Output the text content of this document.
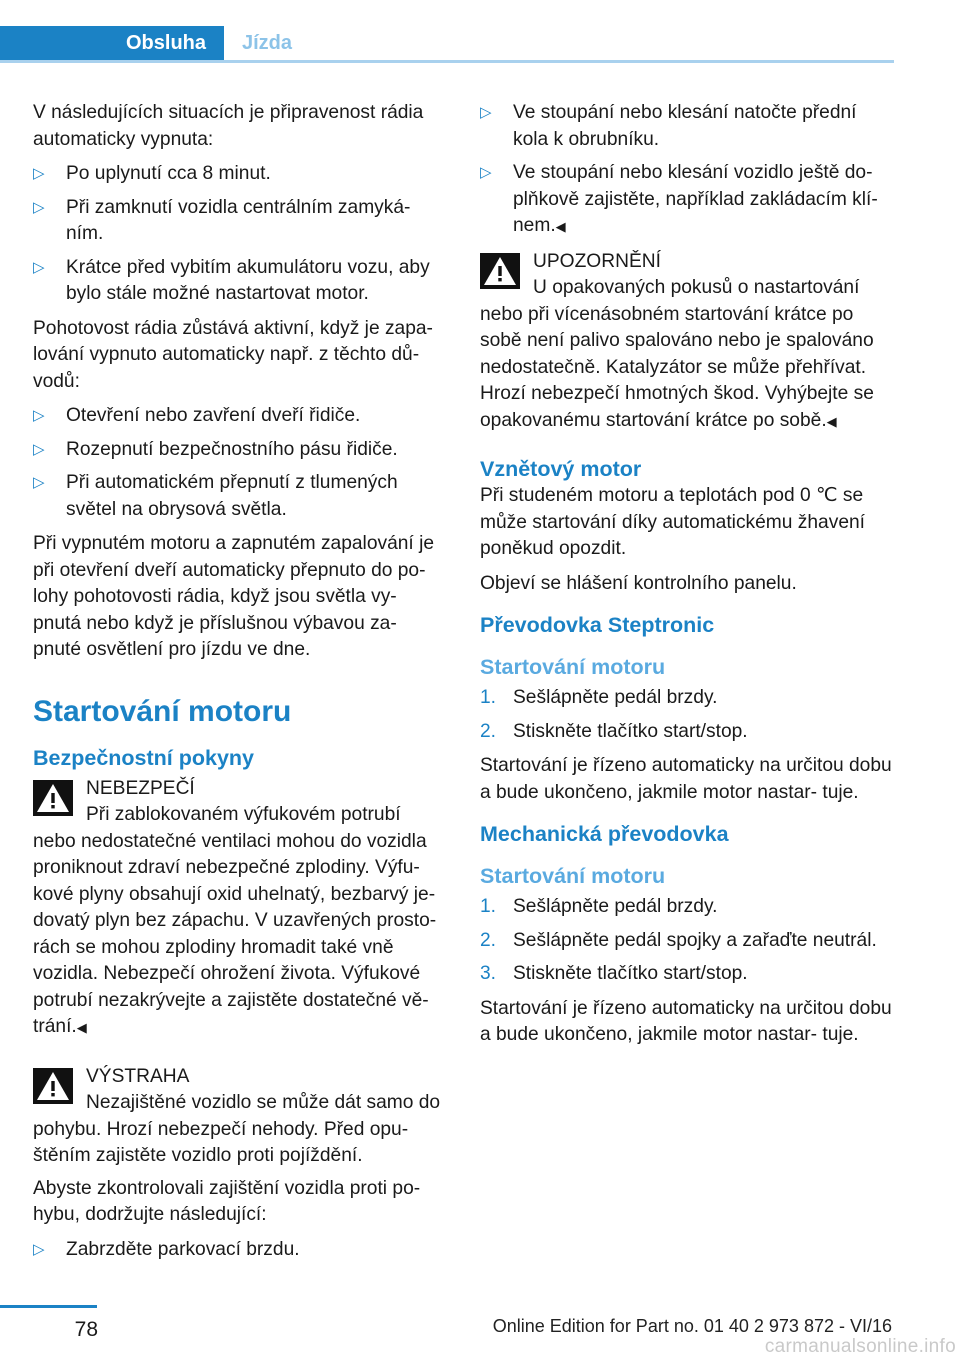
Obsluha	Jízda

V následujících situacích je připravenost rádia automaticky vypnuta:

▷ Po uplynutí cca 8 minut.
▷ Při zamknutí vozidla centrálním zamyká‐ ním.
▷ Krátce před vybitím akumulátoru vozu, aby bylo stále možné nastartovat motor.

Pohotovost rádia zůstává aktivní, když je zapa‐ lování vypnuto automaticky např. z těchto dů‐ vodů:

▷ Otevření nebo zavření dveří řidiče.
▷ Rozepnutí bezpečnostního pásu řidiče.
▷ Při automatickém přepnutí z tlumených světel na obrysová světla.

Při vypnutém motoru a zapnutém zapalování je při otevření dveří automaticky přepnuto do po‐ lohy pohotovosti rádia, když jsou světla vy‐ pnutá nebo když je příslušnou výbavou za‐ pnuté osvětlení pro jízdu ve dne.

Startování motoru
Bezpečnostní pokyny
NEBEZPEČÍ
Při zablokovaném výfukovém potrubí nebo nedostatečné ventilaci mohou do vozidla proniknout zdraví nebezpečné zplodiny. Výfu‐ kové plyny obsahují oxid uhelnatý, bezbarvý je‐ dovatý plyn bez zápachu. V uzavřených prosto‐ rách se mohou zplodiny hromadit také vně vozidla. Nebezpečí ohrožení života. Výfukové potrubí nezakrývejte a zajistěte dostatečné vě‐ trání.◀
VÝSTRAHA
Nezajištěné vozidlo se může dát samo do pohybu. Hrozí nebezpečí nehody. Před opu‐ štěním zajistěte vozidlo proti pojíždění.

Abyste zkontrolovali zajištění vozidla proti po‐ hybu, dodržujte následující:

▷ Zabrzděte parkovací brzdu.
▷ Ve stoupání nebo klesání natočte přední kola k obrubníku.
▷ Ve stoupání nebo klesání vozidlo ještě do‐ plňkově zajistěte, například zakládacím klí‐ nem.◀
UPOZORNĚNÍ
U opakovaných pokusů o nastartování nebo při vícenásobném startování krátce po sobě není palivo spalováno nebo je spalováno nedostatečně. Katalyzátor se může přehřívat. Hrozí nebezpečí hmotných škod. Vyhýbejte se opakovanému startování krátce po sobě.◀
Vznětový motor

Při studeném motoru a teplotách pod 0 ℃ se může startování díky automatickému žhavení poněkud opozdit.

Objeví se hlášení kontrolního panelu.

Převodovka Steptronic
Startování motoru
1. Sešlápněte pedál brzdy.
2. Stiskněte tlačítko start/stop.

Startování je řízeno automaticky na určitou dobu a bude ukončeno, jakmile motor nastar‐ tuje.

Mechanická převodovka
Startování motoru
1. Sešlápněte pedál brzdy.
2. Sešlápněte pedál spojky a zařaďte neutrál.
3. Stiskněte tlačítko start/stop.

Startování je řízeno automaticky na určitou dobu a bude ukončeno, jakmile motor nastar‐ tuje.

78	Online Edition for Part no. 01 40 2 973 872 - VI/16
carmanualsonline.info
